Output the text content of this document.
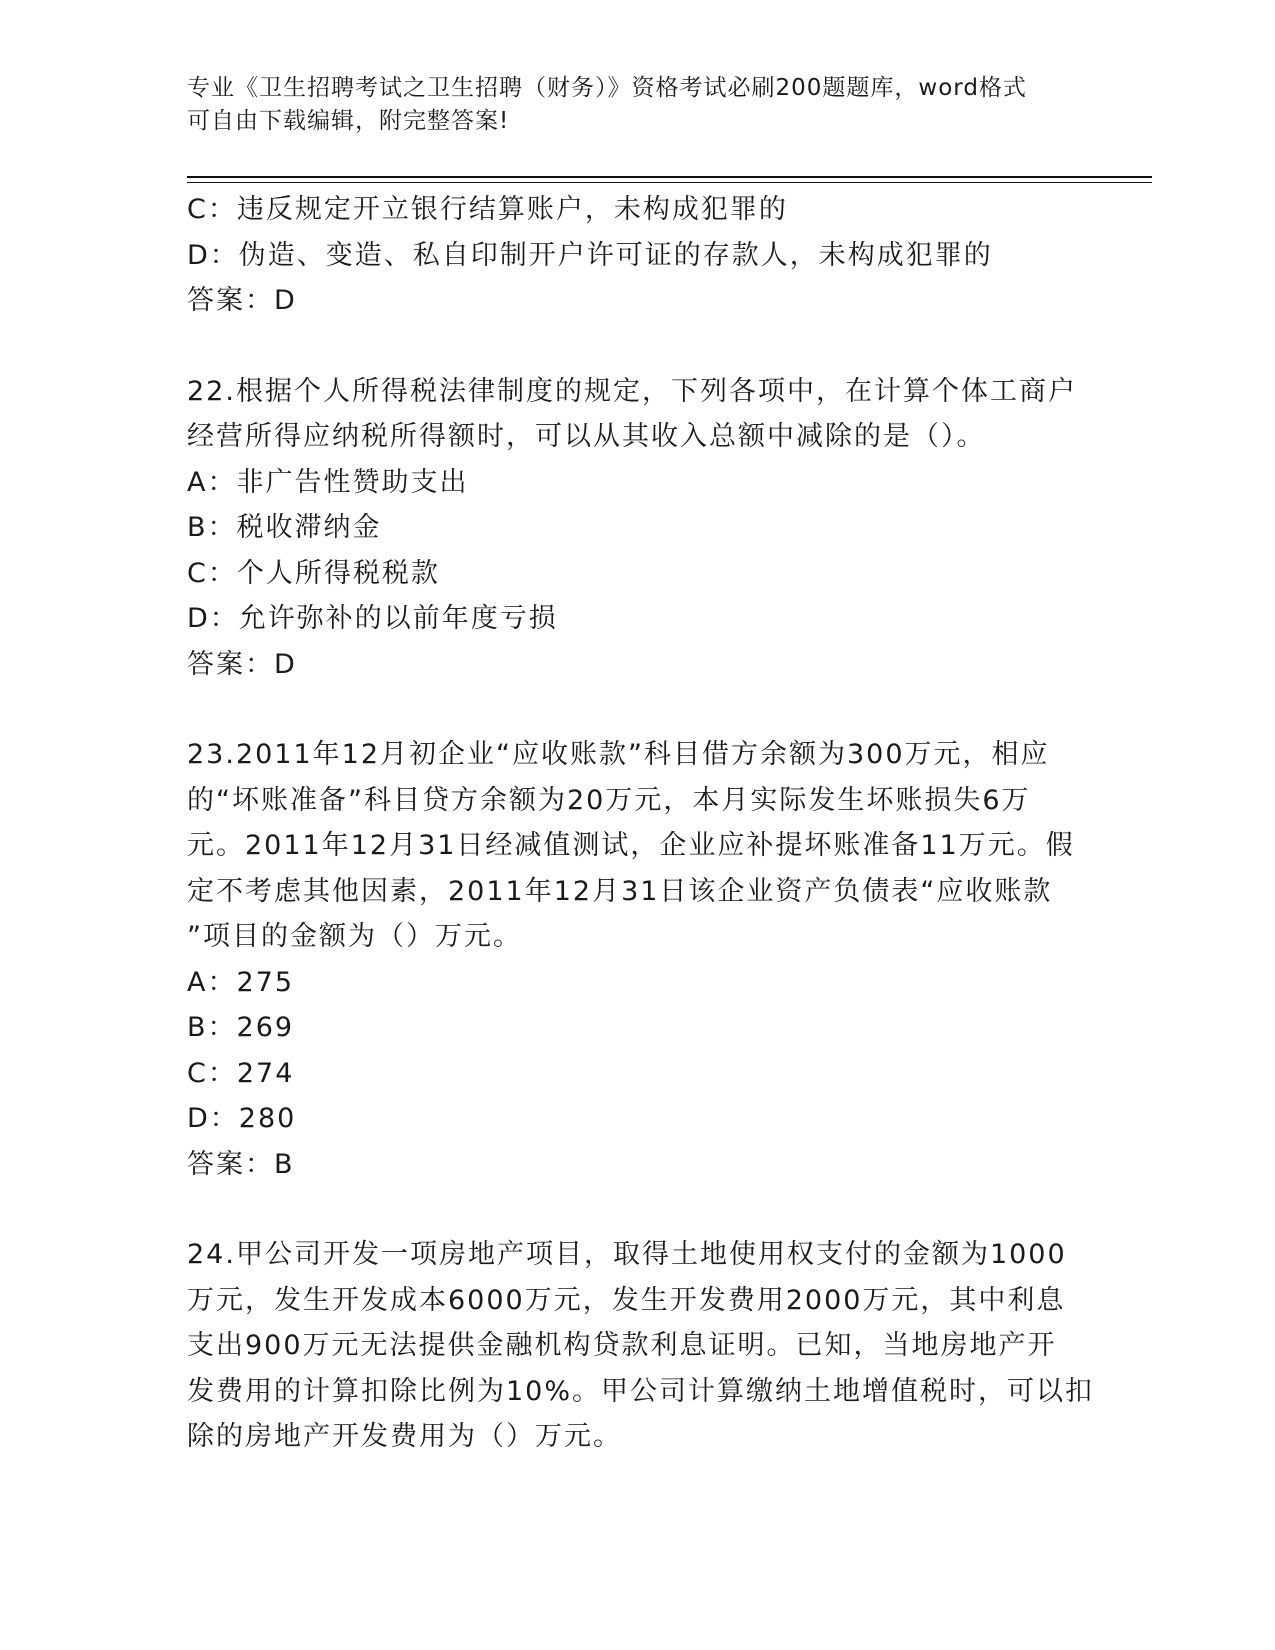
专业《卫生招聘考试之卫生招聘（财务）》资格考试必刷200题题库，word格式
可自由下载编辑，附完整答案!
C：违反规定开立银行结算账户，未构成犯罪的
D：伪造、变造、私自印制开户许可证的存款人，未构成犯罪的
答案：D
22.根据个人所得税法律制度的规定，下列各项中，在计算个体工商户
经营所得应纳税所得额时，可以从其收入总额中减除的是（）。
A：非广告性赞助支出
B：税收滞纳金
C：个人所得税税款
D：允许弥补的以前年度亏损
答案：D
23.2011年12月初企业“应收账款”科目借方余额为300万元，相应
的“坏账准备”科目贷方余额为20万元，本月实际发生坏账损失6万
元。2011年12月31日经减值测试，企业应补提坏账准备11万元。假
定不考虑其他因素，2011年12月31日该企业资产负债表“应收账款
”项目的金额为（）万元。
A：275
B：269
C：274
D：280
答案：B
24.甲公司开发一项房地产项目，取得土地使用权支付的金额为1000
万元，发生开发成本6000万元，发生开发费用2000万元，其中利息
支出900万元无法提供金融机构贷款利息证明。已知，当地房地产开
发费用的计算扣除比例为10%。甲公司计算缴纳土地增值税时，可以扣
除的房地产开发费用为（）万元。
